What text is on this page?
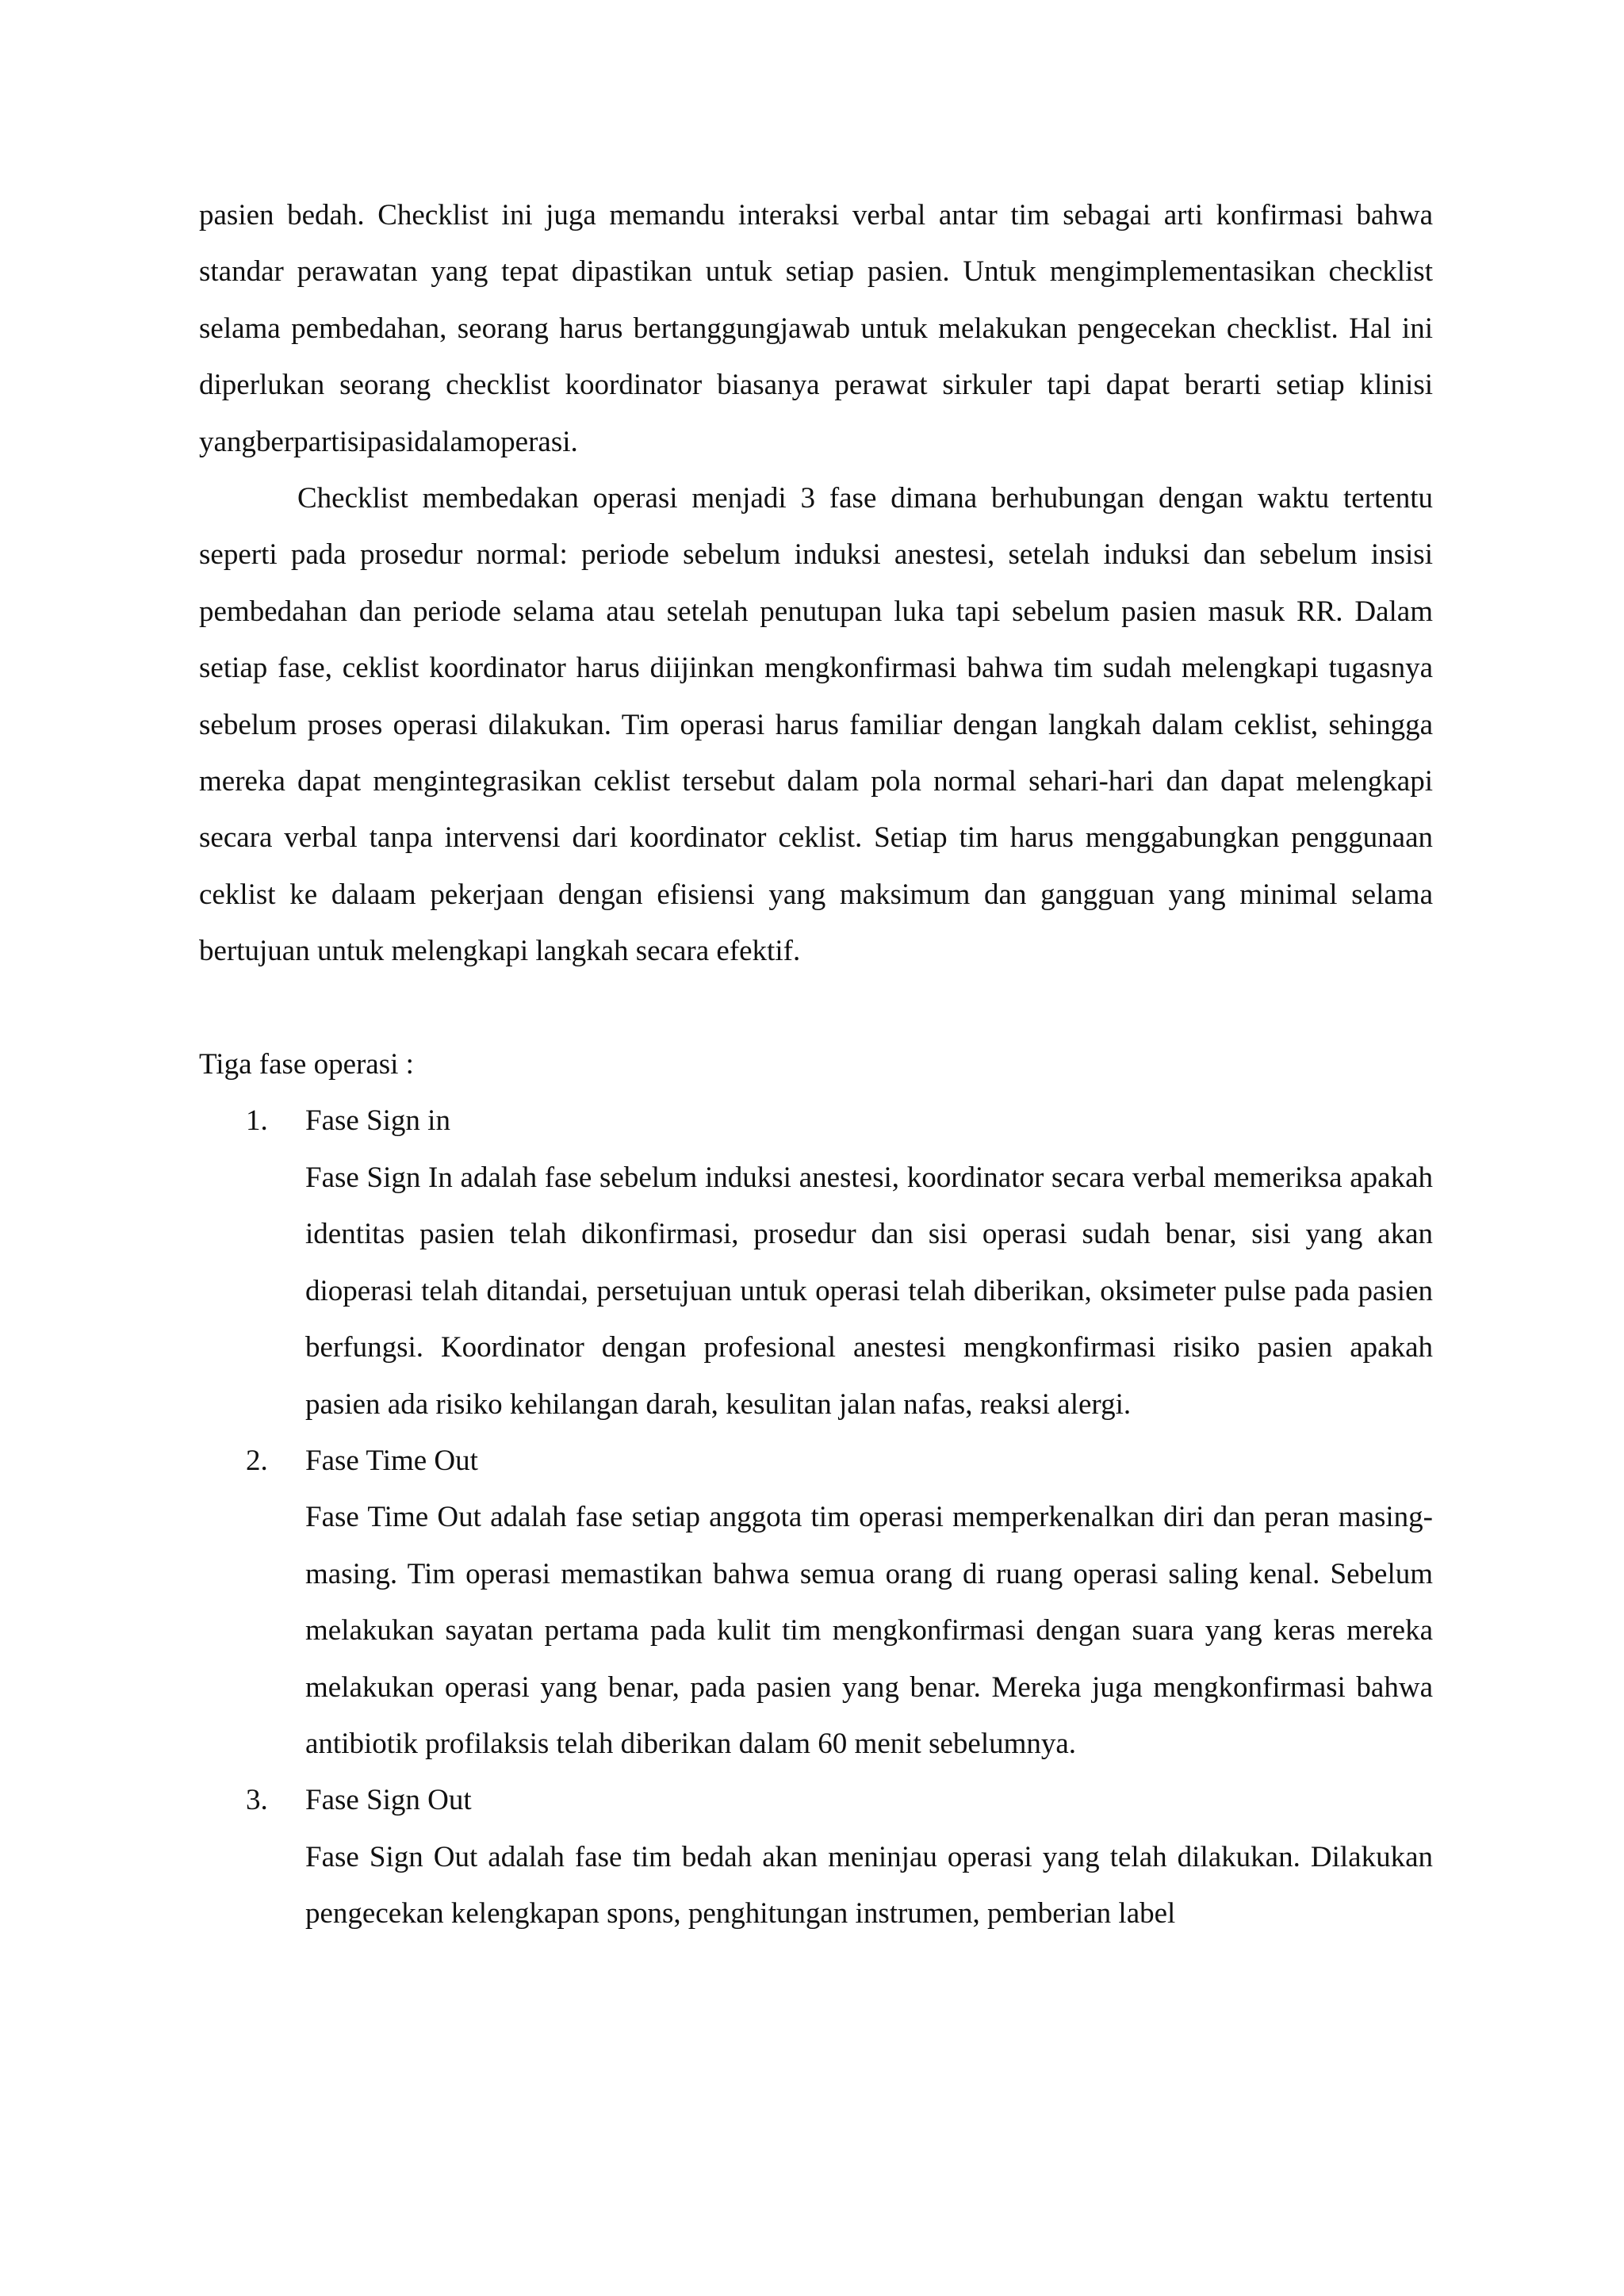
pasien bedah. Checklist ini juga memandu interaksi verbal antar tim sebagai arti konfirmasi bahwa standar perawatan yang tepat dipastikan untuk setiap pasien. Untuk mengimplementasikan checklist selama pembedahan, seorang harus bertanggungjawab untuk melakukan pengecekan checklist. Hal ini diperlukan seorang checklist koordinator biasanya perawat sirkuler tapi dapat berarti setiap klinisi yangberpartisipasidalamoperasi.

Checklist membedakan operasi menjadi 3 fase dimana berhubungan dengan waktu tertentu seperti pada prosedur normal: periode sebelum induksi anestesi, setelah induksi dan sebelum insisi pembedahan dan periode selama atau setelah penutupan luka tapi sebelum pasien masuk RR. Dalam setiap fase, ceklist koordinator harus diijinkan mengkonfirmasi bahwa tim sudah melengkapi tugasnya sebelum proses operasi dilakukan. Tim operasi harus familiar dengan langkah dalam ceklist, sehingga mereka dapat mengintegrasikan ceklist tersebut dalam pola normal sehari-hari dan dapat melengkapi secara verbal tanpa intervensi dari koordinator ceklist. Setiap tim harus menggabungkan penggunaan ceklist ke dalaam pekerjaan dengan efisiensi yang maksimum dan gangguan yang minimal selama bertujuan untuk melengkapi langkah secara efektif.

Tiga fase operasi :

1. Fase Sign in

Fase Sign In adalah fase sebelum induksi anestesi, koordinator secara verbal memeriksa apakah identitas pasien telah dikonfirmasi, prosedur dan sisi operasi sudah benar, sisi yang akan dioperasi telah ditandai, persetujuan untuk operasi telah diberikan, oksimeter pulse pada pasien berfungsi. Koordinator dengan profesional anestesi mengkonfirmasi risiko pasien apakah pasien ada risiko kehilangan darah, kesulitan jalan nafas, reaksi alergi.

2. Fase Time Out

Fase Time Out adalah fase setiap anggota tim operasi memperkenalkan diri dan peran masing-masing. Tim operasi memastikan bahwa semua orang di ruang operasi saling kenal. Sebelum melakukan sayatan pertama pada kulit tim mengkonfirmasi dengan suara yang keras mereka melakukan operasi yang benar, pada pasien yang benar. Mereka juga mengkonfirmasi bahwa antibiotik profilaksis telah diberikan dalam 60 menit sebelumnya.

3. Fase Sign Out

Fase Sign Out adalah fase tim bedah akan meninjau operasi yang telah dilakukan. Dilakukan pengecekan kelengkapan spons, penghitungan instrumen, pemberian label
